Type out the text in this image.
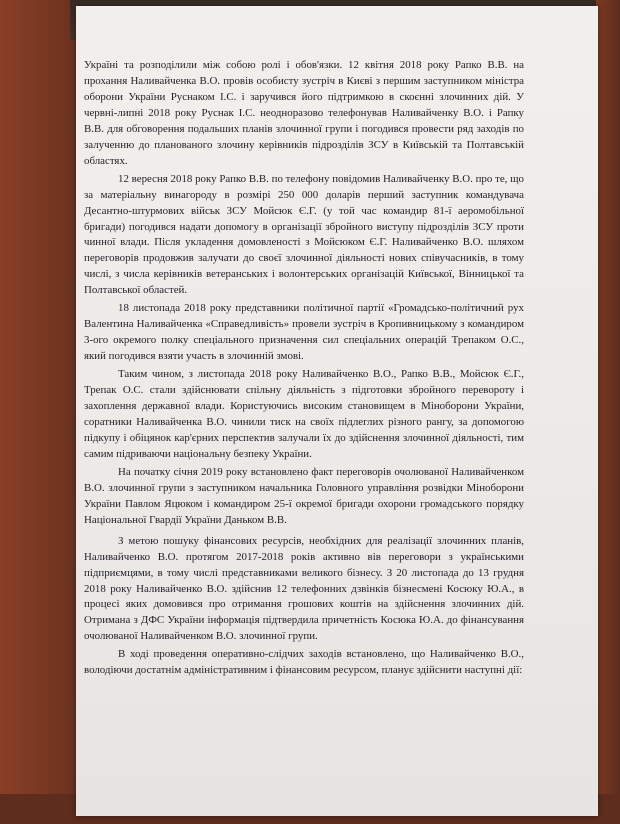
Україні та розподілили між собою ролі і обов'язки. 12 квітня 2018 року Рапко В.В. на прохання Наливайченка В.О. провів особисту зустріч в Києві з першим заступником міністра оборони України Руснаком І.С. і заручився його підтримкою в скоєнні злочинних дій. У червні-липні 2018 року Руснак І.С. неодноразово телефонував Наливайченку В.О. і Рапку В.В. для обговорення подальших планів злочинної групи і погодився провести ряд заходів по залученню до планованого злочину керівників підрозділів ЗСУ в Київській та Полтавській областях.

12 вересня 2018 року Рапко В.В. по телефону повідомив Наливайченку В.О. про те, що за матеріальну винагороду в розмірі 250 000 доларів перший заступник командувача Десантно-штурмових військ ЗСУ Мойсюк Є.Г. (у той час командир 81-ї аеромобільної бригади) погодився надати допомогу в організації збройного виступу підрозділів ЗСУ проти чинної влади. Після укладення домовленості з Мойсюком Є.Г. Наливайченко В.О. шляхом переговорів продовжив залучати до своєї злочинної діяльності нових співучасників, в тому числі, з числа керівників ветеранських і волонтерських організацій Київської, Вінницької та Полтавської областей.

18 листопада 2018 року представники політичної партії «Громадсько-політичний рух Валентина Наливайченка «Справедливість» провели зустріч в Кропивницькому з командиром 3-ого окремого полку спеціального призначення сил спеціальних операцій Трепаком О.С., який погодився взяти участь в злочинній змові.

Таким чином, з листопада 2018 року Наливайченко В.О., Рапко В.В., Мойсюк Є.Г., Трепак О.С. стали здійснювати спільну діяльність з підготовки збройного перевороту і захоплення державної влади. Користуючись високим становищем в Міноборони України, соратники Наливайченка В.О. чинили тиск на своїх підлеглих різного рангу, за допомогою підкупу і обіцянок кар'єрних перспектив залучали їх до здійснення злочинної діяльності, тим самим підриваючи національну безпеку України.

На початку січня 2019 року встановлено факт переговорів очолюваної Наливайченком В.О. злочинної групи з заступником начальника Головного управління розвідки Міноборони України Павлом Яцюком і командиром 25-ї окремої бригади охорони громадського порядку Національної Гвардії України Даньком В.В.

З метою пошуку фінансових ресурсів, необхідних для реалізації злочинних планів, Наливайченко В.О. протягом 2017-2018 років активно вів переговори з українськими підприємцями, в тому числі представниками великого бізнесу. З 20 листопада до 13 грудня 2018 року Наливайченко В.О. здійснив 12 телефонних дзвінків бізнесмені Косюку Ю.А., в процесі яких домовився про отримання грошових коштів на здійснення злочинних дій. Отримана з ДФС України інформація підтвердила причетність Косюка Ю.А. до фінансування очолюваної Наливайченком В.О. злочинної групи.

В ході проведення оперативно-слідчих заходів встановлено, що Наливайченко В.О., володіючи достатнім адміністративним і фінансовим ресурсом, планує здійснити наступні дії:
